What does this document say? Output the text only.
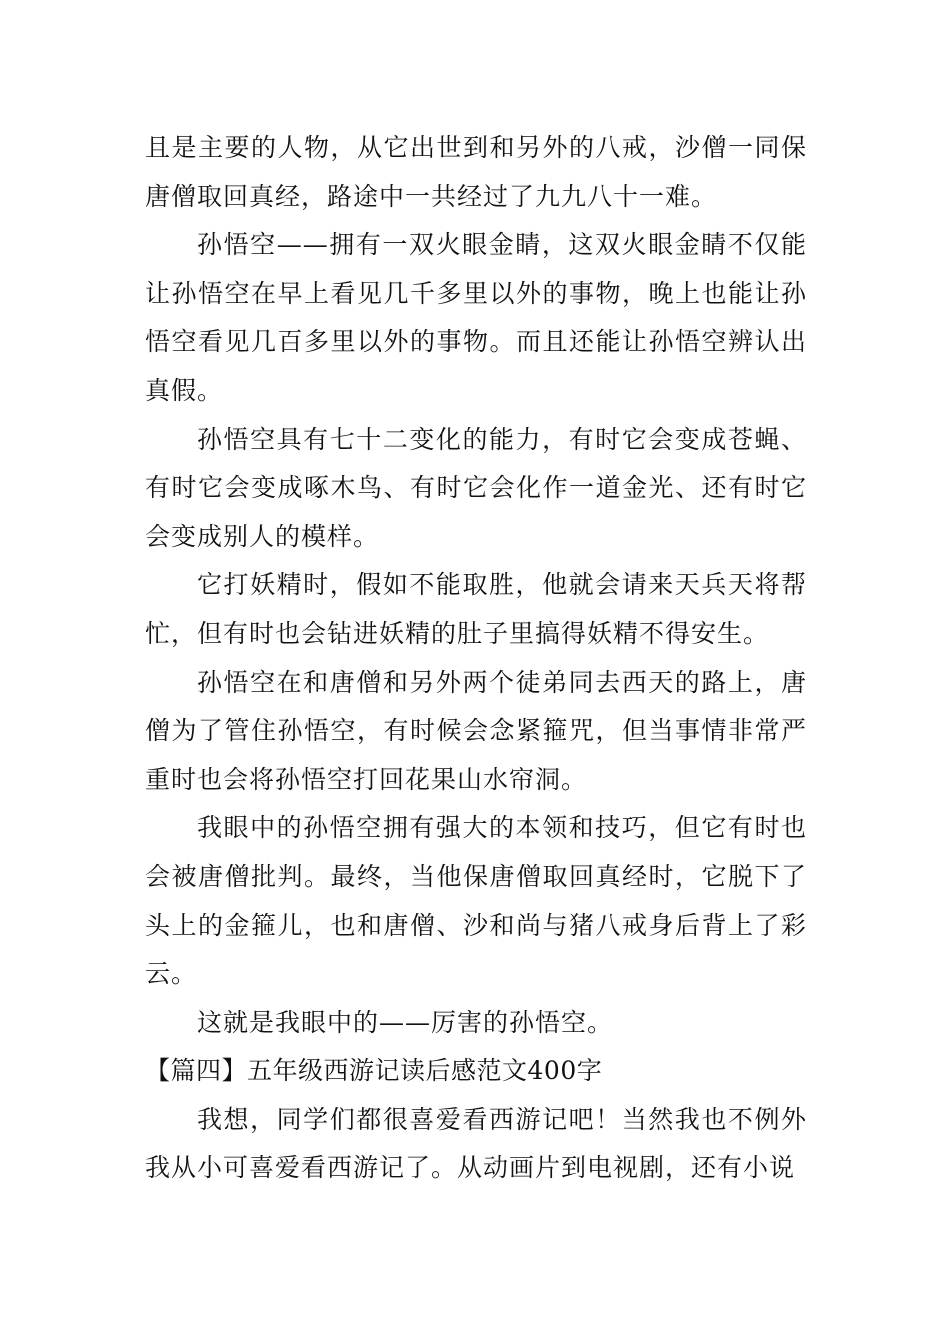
且是主要的人物，从它出世到和另外的八戒，沙僧一同保唐僧取回真经，路途中一共经过了九九八十一难。

孙悟空——拥有一双火眼金睛，这双火眼金睛不仅能让孙悟空在早上看见几千多里以外的事物，晚上也能让孙悟空看见几百多里以外的事物。而且还能让孙悟空辨认出真假。

孙悟空具有七十二变化的能力，有时它会变成苍蝇、有时它会变成啄木鸟、有时它会化作一道金光、还有时它会变成别人的模样。

它打妖精时，假如不能取胜，他就会请来天兵天将帮忙，但有时也会钻进妖精的肚子里搞得妖精不得安生。

孙悟空在和唐僧和另外两个徒弟同去西天的路上，唐僧为了管住孙悟空，有时候会念紧箍咒，但当事情非常严重时也会将孙悟空打回花果山水帘洞。

我眼中的孙悟空拥有强大的本领和技巧，但它有时也会被唐僧批判。最终，当他保唐僧取回真经时，它脱下了头上的金箍儿，也和唐僧、沙和尚与猪八戒身后背上了彩云。

这就是我眼中的——厉害的孙悟空。

【篇四】五年级西游记读后感范文400字

我想，同学们都很喜爱看西游记吧！当然我也不例外我从小可喜爱看西游记了。从动画片到电视剧，还有小说
